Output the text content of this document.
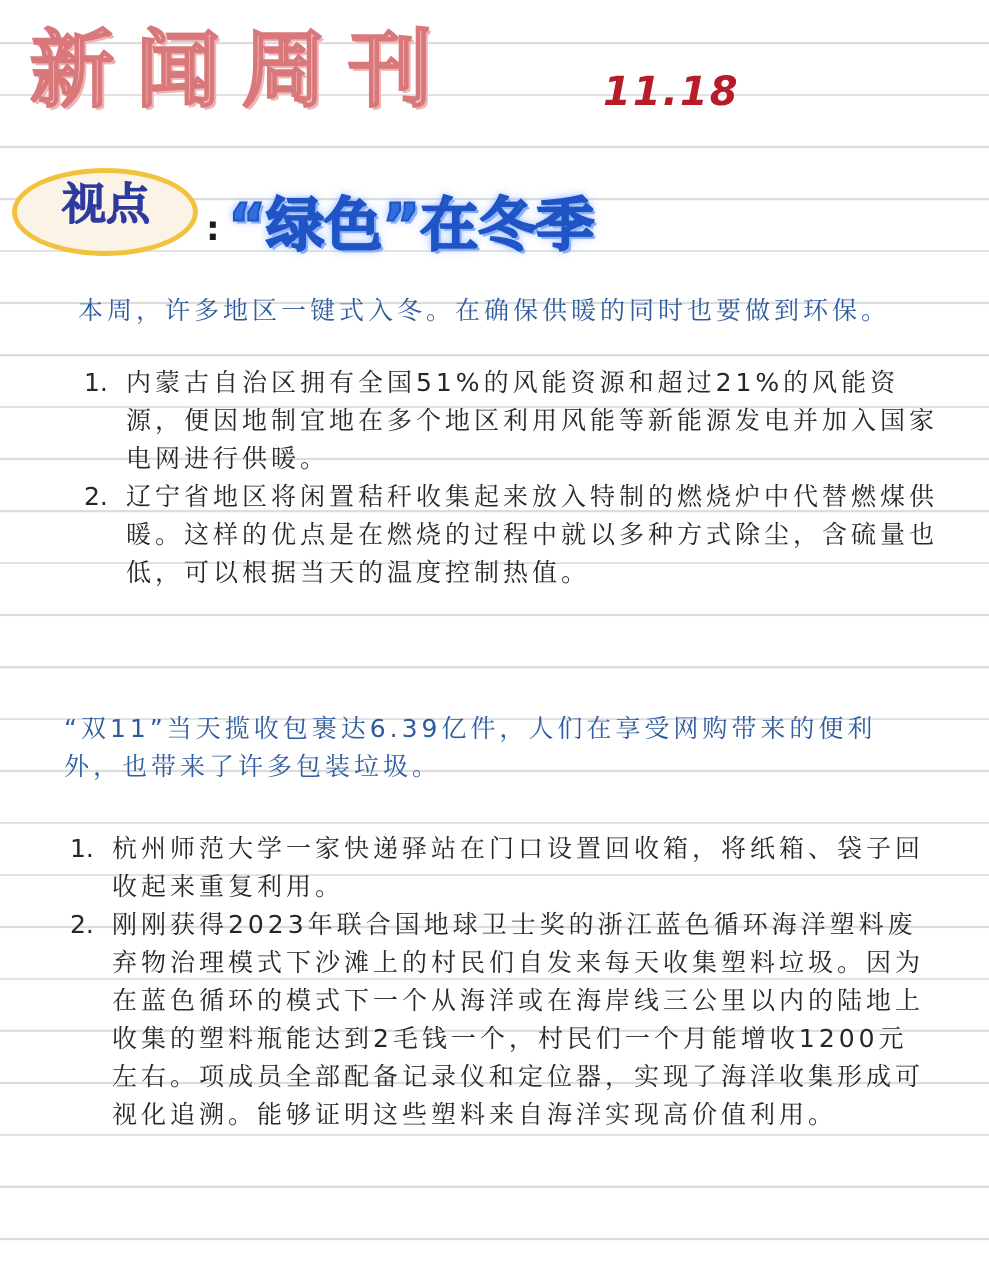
新闻周刊	11.18
视点 : “绿色”在冬季

本周，许多地区一键式入冬。在确保供暖的同时也要做到环保。

1. 内蒙古自治区拥有全国51%的风能资源和超过21%的风能资源，便因地制宜地在多个地区利用风能等新能源发电并加入国家电网进行供暖。
2. 辽宁省地区将闲置秸秆收集起来放入特制的燃烧炉中代替燃煤供暖。这样的优点是在燃烧的过程中就以多种方式除尘，含硫量也低，可以根据当天的温度控制热值。

“双11”当天揽收包裹达6.39亿件，人们在享受网购带来的便利外，也带来了许多包装垃圾。

1. 杭州师范大学一家快递驿站在门口设置回收箱，将纸箱、袋子回收起来重复利用。
2. 刚刚获得2023年联合国地球卫士奖的浙江蓝色循环海洋塑料废弃物治理模式下沙滩上的村民们自发来每天收集塑料垃圾。因为在蓝色循环的模式下一个从海洋或在海岸线三公里以内的陆地上收集的塑料瓶能达到2毛钱一个，村民们一个月能增收1200元左右。项成员全部配备记录仪和定位器，实现了海洋收集形成可视化追溯。能够证明这些塑料来自海洋实现高价值利用。
